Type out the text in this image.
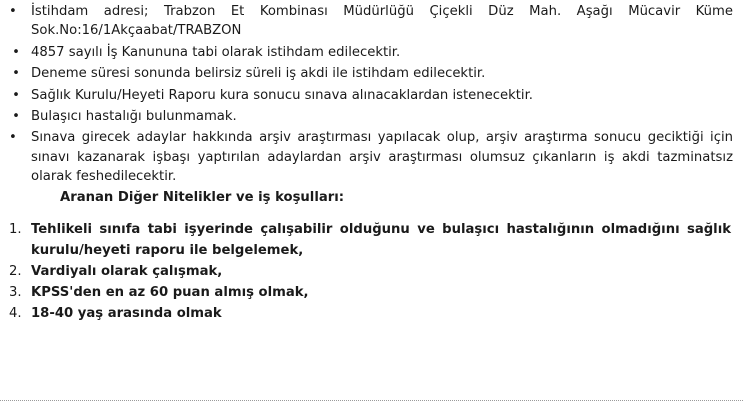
•	İstihdam adresi; Trabzon Et Kombinası Müdürlüğü Çiçekli Düz Mah. Aşağı Mücavir Küme Sok.No:16/1Akçaabat/TRABZON
• 4857 sayılı İş Kanununa tabi olarak istihdam edilecektir.
• Deneme süresi sonunda belirsiz süreli iş akdi ile istihdam edilecektir.
• Sağlık Kurulu/Heyeti Raporu kura sonucu sınava alınacaklardan istenecektir.
• Bulaşıcı hastalığı bulunmamak.
•	Sınava girecek adaylar hakkında arşiv araştırması yapılacak olup, arşiv araştırma sonucu geciktiği için sınavı kazanarak işbaşı yaptırılan adaylardan arşiv araştırması olumsuz çıkanların iş akdi tazminatsız olarak feshedilecektir.
Aranan Diğer Nitelikler ve iş koşulları:
1. Tehlikeli sınıfa tabi işyerinde çalışabilir olduğunu ve bulaşıcı hastalığının olmadığını sağlık kurulu/heyeti raporu ile belgelemek,
2. Vardiyalı olarak çalışmak,
3. KPSS'den en az 60 puan almış olmak,
4. 18-40 yaş arasında olmak
